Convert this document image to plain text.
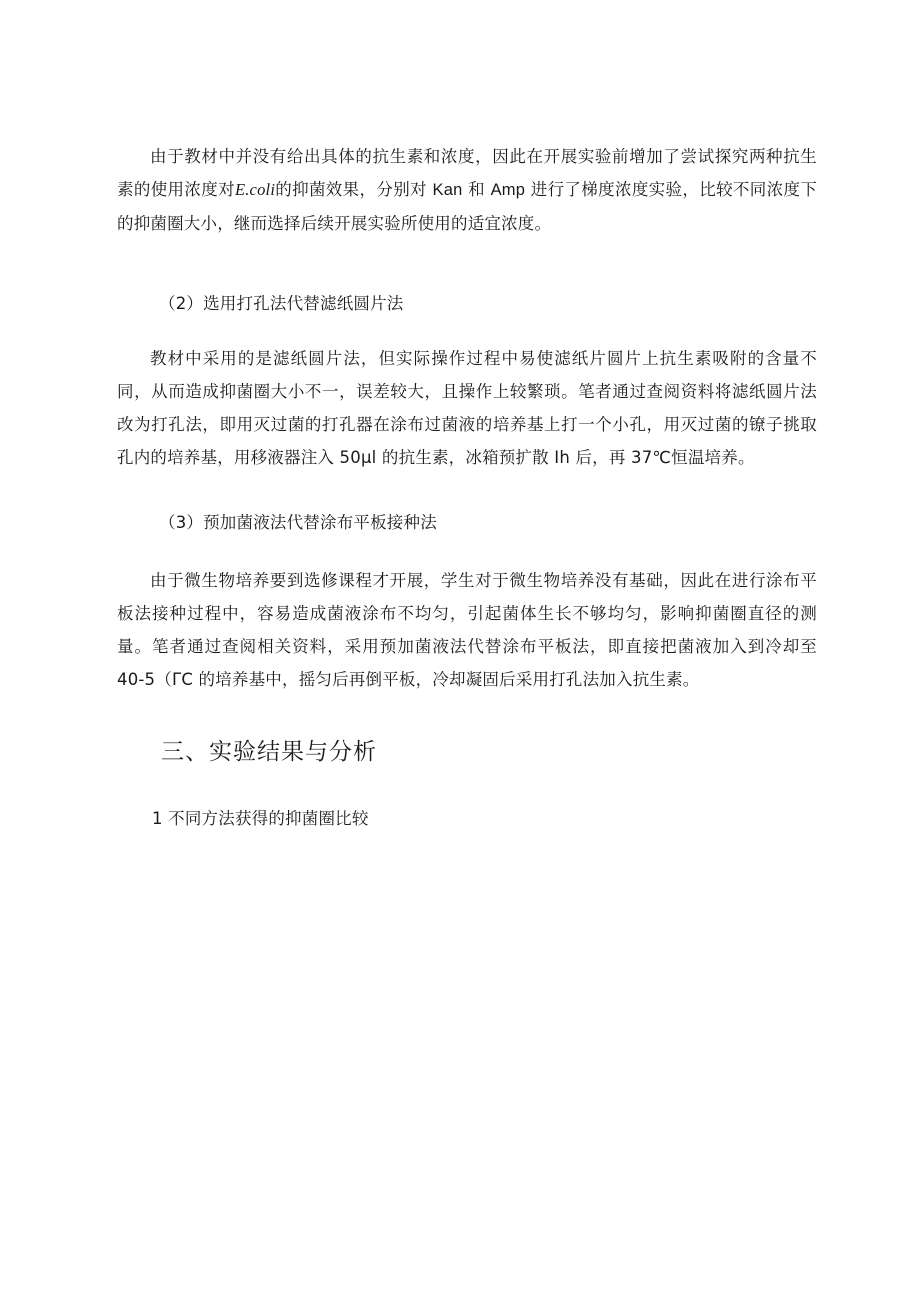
由于教材中并没有给出具体的抗生素和浓度，因此在开展实验前增加了尝试探究两种抗生素的使用浓度对E.coli的抑菌效果，分别对 Kan 和 Amp 进行了梯度浓度实验，比较不同浓度下的抑菌圈大小，继而选择后续开展实验所使用的适宜浓度。

（2）选用打孔法代替滤纸圆片法

教材中采用的是滤纸圆片法，但实际操作过程中易使滤纸片圆片上抗生素吸附的含量不同，从而造成抑菌圈大小不一，误差较大，且操作上较繁琐。笔者通过查阅资料将滤纸圆片法改为打孔法，即用灭过菌的打孔器在涂布过菌液的培养基上打一个小孔，用灭过菌的镣子挑取孔内的培养基，用移液器注入 50µl 的抗生素，冰箱预扩散 Ih 后，再 37℃恒温培养。

（3）预加菌液法代替涂布平板接种法

由于微生物培养要到选修课程才开展，学生对于微生物培养没有基础，因此在进行涂布平板法接种过程中，容易造成菌液涂布不均匀，引起菌体生长不够均匀，影响抑菌圈直径的测量。笔者通过查阅相关资料，采用预加菌液法代替涂布平板法，即直接把菌液加入到冷却至 40-5（ΓC 的培养基中，摇匀后再倒平板，冷却凝固后采用打孔法加入抗生素。

三、实验结果与分析
1 不同方法获得的抑菌圈比较
